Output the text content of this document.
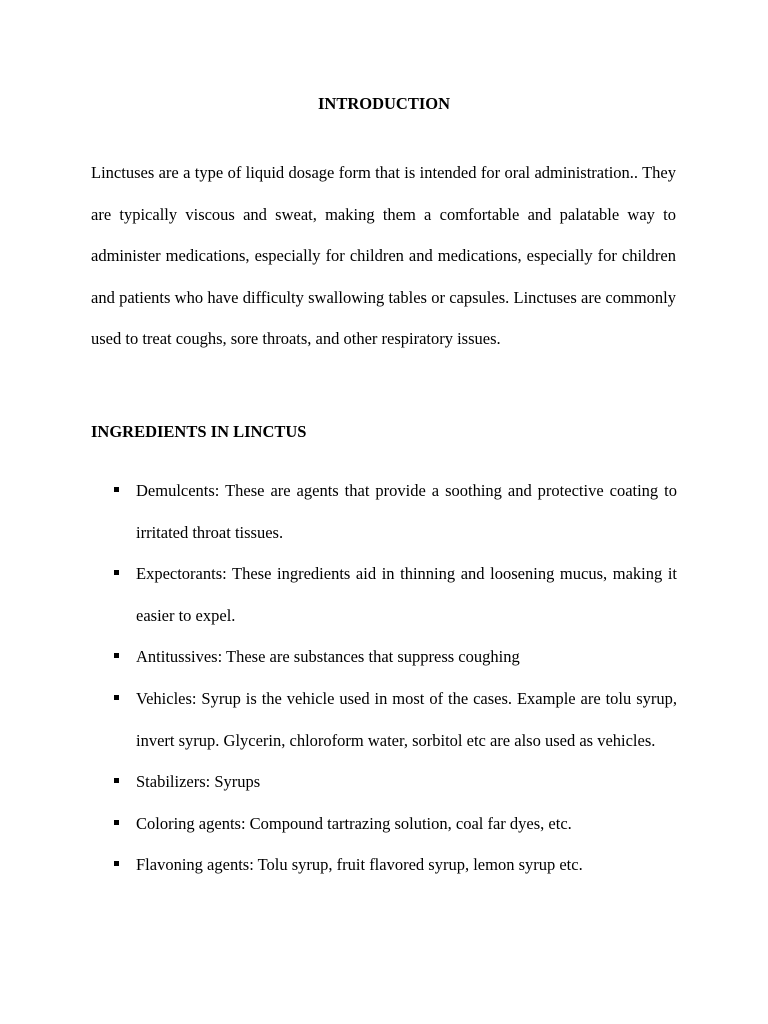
INTRODUCTION

Linctuses are a type of liquid dosage form that is intended for oral administration.. They are typically viscous and sweat, making them a comfortable and palatable way to administer medications, especially for children and medications, especially for children and patients who have difficulty swallowing tables or capsules. Linctuses are commonly used to treat coughs, sore throats, and other respiratory issues.

INGREDIENTS IN LINCTUS
Demulcents: These are agents that provide a soothing and protective coating to irritated throat tissues.
Expectorants: These ingredients aid in thinning and loosening mucus, making it easier to expel.
Antitussives: These are substances that suppress coughing
Vehicles: Syrup is the vehicle used in most of the cases. Example are tolu syrup, invert syrup. Glycerin, chloroform water, sorbitol etc are also used as vehicles.
Stabilizers: Syrups
Coloring agents: Compound tartrazing solution, coal far dyes, etc.
Flavoning agents: Tolu syrup, fruit flavored syrup, lemon syrup etc.
